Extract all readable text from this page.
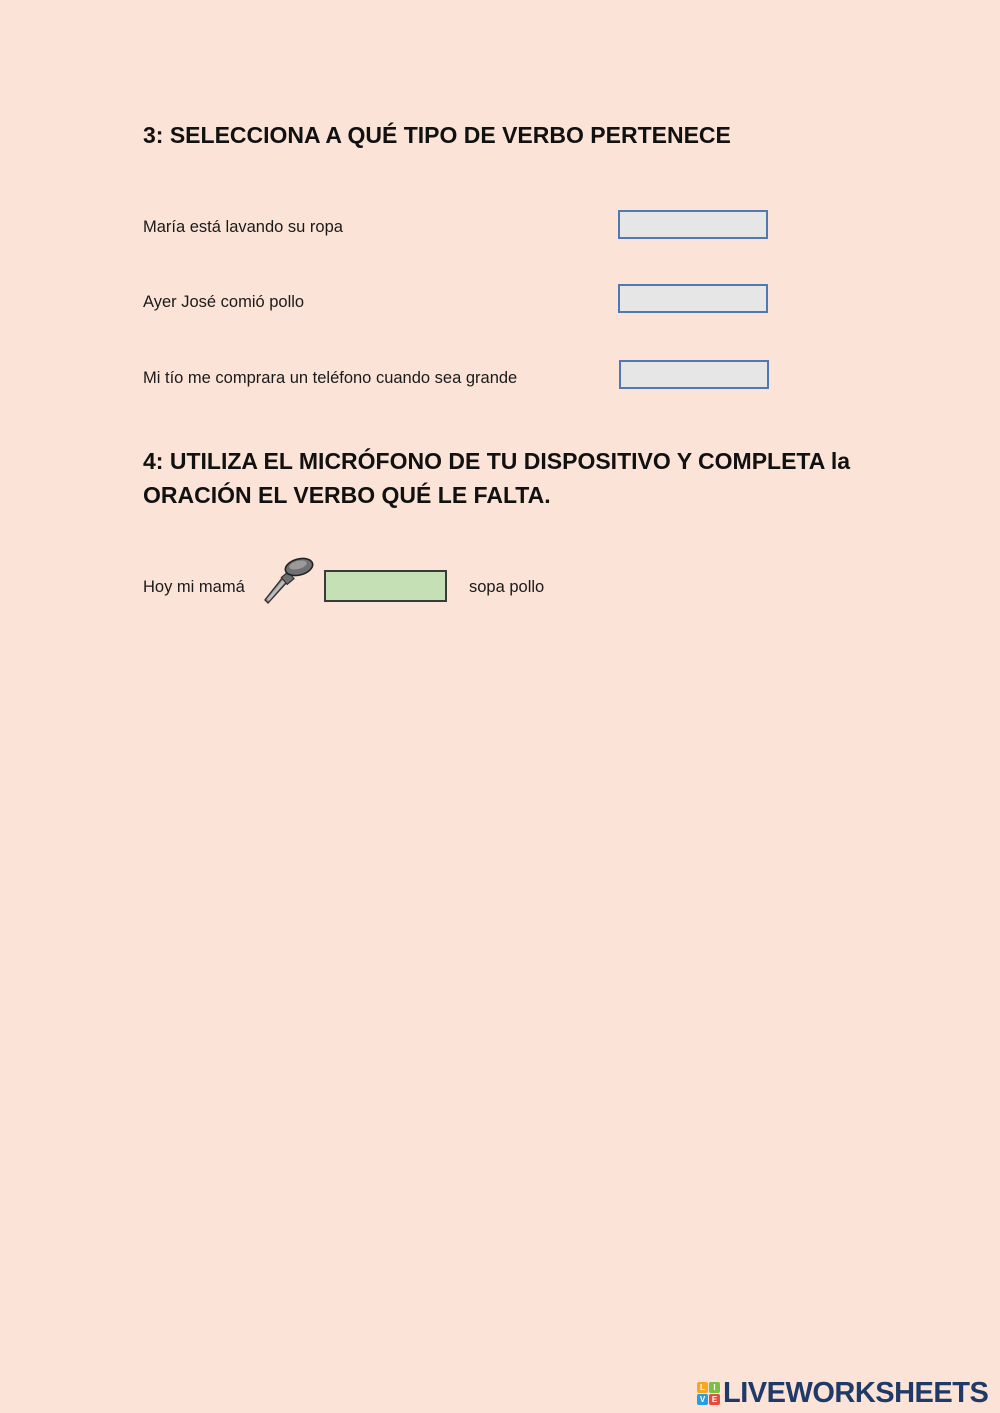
3: SELECCIONA A QUÉ TIPO DE VERBO PERTENECE
María está lavando su ropa
Ayer José comió pollo
Mi tío me comprara un teléfono cuando sea grande
4: UTILIZA EL MICRÓFONO DE TU DISPOSITIVO Y COMPLETA la ORACIÓN EL VERBO QUÉ LE FALTA.
Hoy mi mamá	sopa pollo
L	I
V E LIVEWORKSHEETS
